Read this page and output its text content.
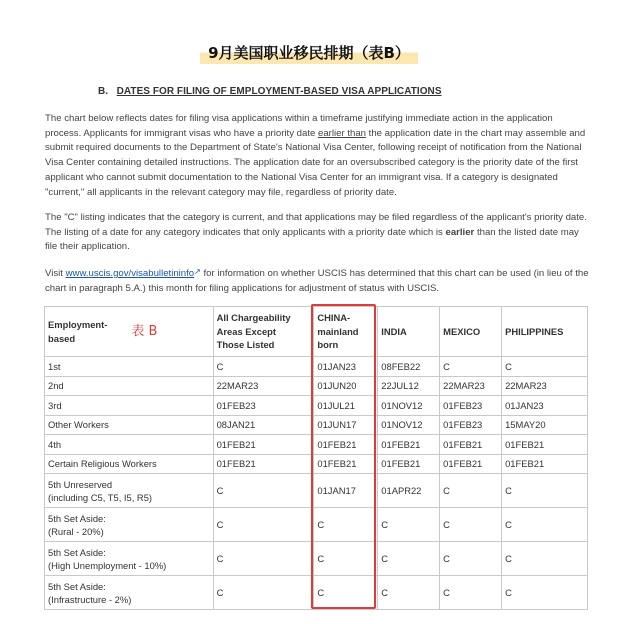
9月美国职业移民排期（表B）
B. DATES FOR FILING OF EMPLOYMENT-BASED VISA APPLICATIONS

The chart below reflects dates for filing visa applications within a timeframe justifying immediate action in the application process. Applicants for immigrant visas who have a priority date earlier than the application date in the chart may assemble and submit required documents to the Department of State's National Visa Center, following receipt of notification from the National Visa Center containing detailed instructions. The application date for an oversubscribed category is the priority date of the first applicant who cannot submit documentation to the National Visa Center for an immigrant visa. If a category is designated "current," all applicants in the relevant category may file, regardless of priority date.

The "C" listing indicates that the category is current, and that applications may be filed regardless of the applicant's priority date. The listing of a date for any category indicates that only applicants with a priority date which is earlier than the listed date may file their application.

Visit www.uscis.gov/visabulletininfo↗ for information on whether USCIS has determined that this chart can be used (in lieu of the chart in paragraph 5.A.) this month for filing applications for adjustment of status with USCIS.

Employment-
based 表 B	All Chargeability
Areas Except
Those Listed	CHINA-
mainland
born	INDIA	MEXICO	PHILIPPINES
1st	C	01JAN23	08FEB22	C	C
2nd	22MAR23	01JUN20	22JUL12	22MAR23	22MAR23
3rd	01FEB23	01JUL21	01NOV12	01FEB23	01JAN23
Other Workers	08JAN21	01JUN17	01NOV12	01FEB23	15MAY20
4th	01FEB21	01FEB21	01FEB21	01FEB21	01FEB21
Certain Religious Workers	01FEB21	01FEB21	01FEB21	01FEB21	01FEB21
5th Unreserved
(including C5, T5, I5, R5)	C	01JAN17	01APR22	C	C
5th Set Aside:
(Rural - 20%)	C	C	C	C	C
5th Set Aside:
(High Unemployment - 10%)	C	C	C	C	C
5th Set Aside:
(Infrastructure - 2%)	C	C	C	C	C
